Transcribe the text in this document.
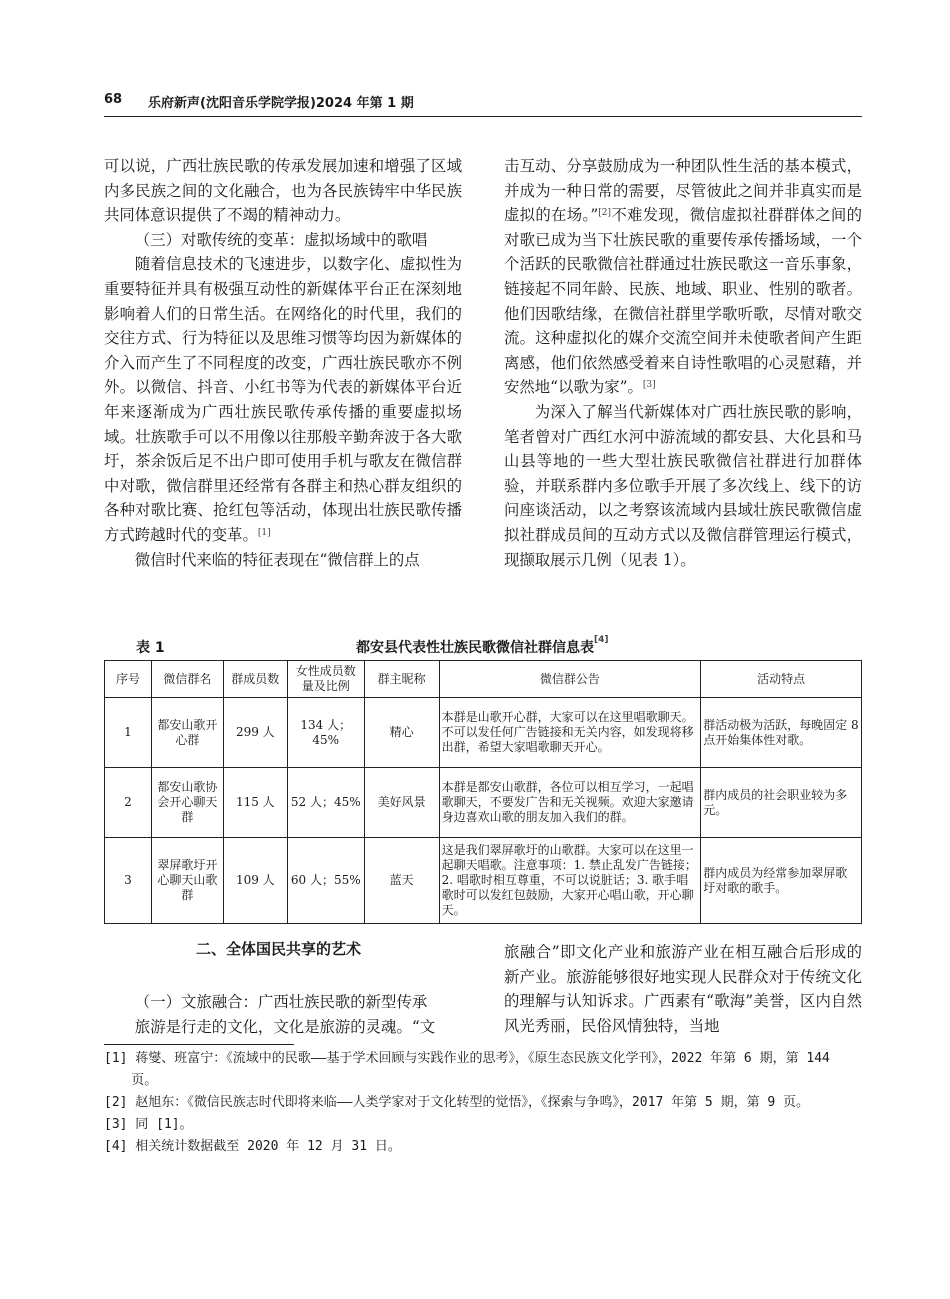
68 乐府新声(沈阳音乐学院学报)2024 年第 1 期

可以说，广西壮族民歌的传承发展加速和增强了区域内多民族之间的文化融合，也为各民族铸牢中华民族共同体意识提供了不竭的精神动力。

（三）对歌传统的变革：虚拟场域中的歌唱

随着信息技术的飞速进步，以数字化、虚拟性为重要特征并具有极强互动性的新媒体平台正在深刻地影响着人们的日常生活。在网络化的时代里，我们的交往方式、行为特征以及思维习惯等均因为新媒体的介入而产生了不同程度的改变，广西壮族民歌亦不例外。以微信、抖音、小红书等为代表的新媒体平台近年来逐渐成为广西壮族民歌传承传播的重要虚拟场域。壮族歌手可以不用像以往那般辛勤奔波于各大歌圩，茶余饭后足不出户即可使用手机与歌友在微信群中对歌，微信群里还经常有各群主和热心群友组织的各种对歌比赛、抢红包等活动，体现出壮族民歌传播方式跨越时代的变革。[1]

微信时代来临的特征表现在“微信群上的点

击互动、分享鼓励成为一种团队性生活的基本模式，并成为一种日常的需要，尽管彼此之间并非真实而是虚拟的在场。”[2]不难发现，微信虚拟社群群体之间的对歌已成为当下壮族民歌的重要传承传播场域，一个个活跃的民歌微信社群通过壮族民歌这一音乐事象，链接起不同年龄、民族、地域、职业、性别的歌者。他们因歌结缘，在微信社群里学歌听歌，尽情对歌交流。这种虚拟化的媒介交流空间并未使歌者间产生距离感，他们依然感受着来自诗性歌唱的心灵慰藉，并安然地“以歌为家”。[3]

为深入了解当代新媒体对广西壮族民歌的影响，笔者曾对广西红水河中游流域的都安县、大化县和马山县等地的一些大型壮族民歌微信社群进行加群体验，并联系群内多位歌手开展了多次线上、线下的访问座谈活动，以之考察该流域内县域壮族民歌微信虚拟社群成员间的互动方式以及微信群管理运行模式，现撷取展示几例（见表 1）。

表 1	都安县代表性壮族民歌微信社群信息表[4]
序号	微信群名	群成员数	女性成员数量及比例	群主昵称	微信群公告	活动特点
1	都安山歌开心群	299 人	134 人；45%	精心	本群是山歌开心群，大家可以在这里唱歌聊天。不可以发任何广告链接和无关内容，如发现将移出群，希望大家唱歌聊天开心。	群活动极为活跃，每晚固定 8 点开始集体性对歌。
2	都安山歌协会开心聊天群	115 人	52 人；45%	美好风景	本群是都安山歌群，各位可以相互学习，一起唱歌聊天，不要发广告和无关视频。欢迎大家邀请身边喜欢山歌的朋友加入我们的群。	群内成员的社会职业较为多元。
3	翠屏歌圩开心聊天山歌群	109 人	60 人；55%	蓝天	这是我们翠屏歌圩的山歌群。大家可以在这里一起聊天唱歌。注意事项：1. 禁止乱发广告链接；2. 唱歌时相互尊重，不可以说脏话；3. 歌手唱歌时可以发红包鼓励，大家开心唱山歌，开心聊天。	群内成员为经常参加翠屏歌圩对歌的歌手。
二、全体国民共享的艺术

（一）文旅融合：广西壮族民歌的新型传承

旅游是行走的文化，文化是旅游的灵魂。“文

旅融合”即文化产业和旅游产业在相互融合后形成的新产业。旅游能够很好地实现人民群众对于传统文化的理解与认知诉求。广西素有“歌海”美誉，区内自然风光秀丽，民俗风情独特，当地

[1] 蒋燮、班富宁：《流域中的民歌——基于学术回顾与实践作业的思考》，《原生态民族文化学刊》，2022 年第 6 期，第 144 页。

[2] 赵旭东：《微信民族志时代即将来临——人类学家对于文化转型的觉悟》，《探索与争鸣》，2017 年第 5 期，第 9 页。

[3] 同 [1]。

[4] 相关统计数据截至 2020 年 12 月 31 日。
